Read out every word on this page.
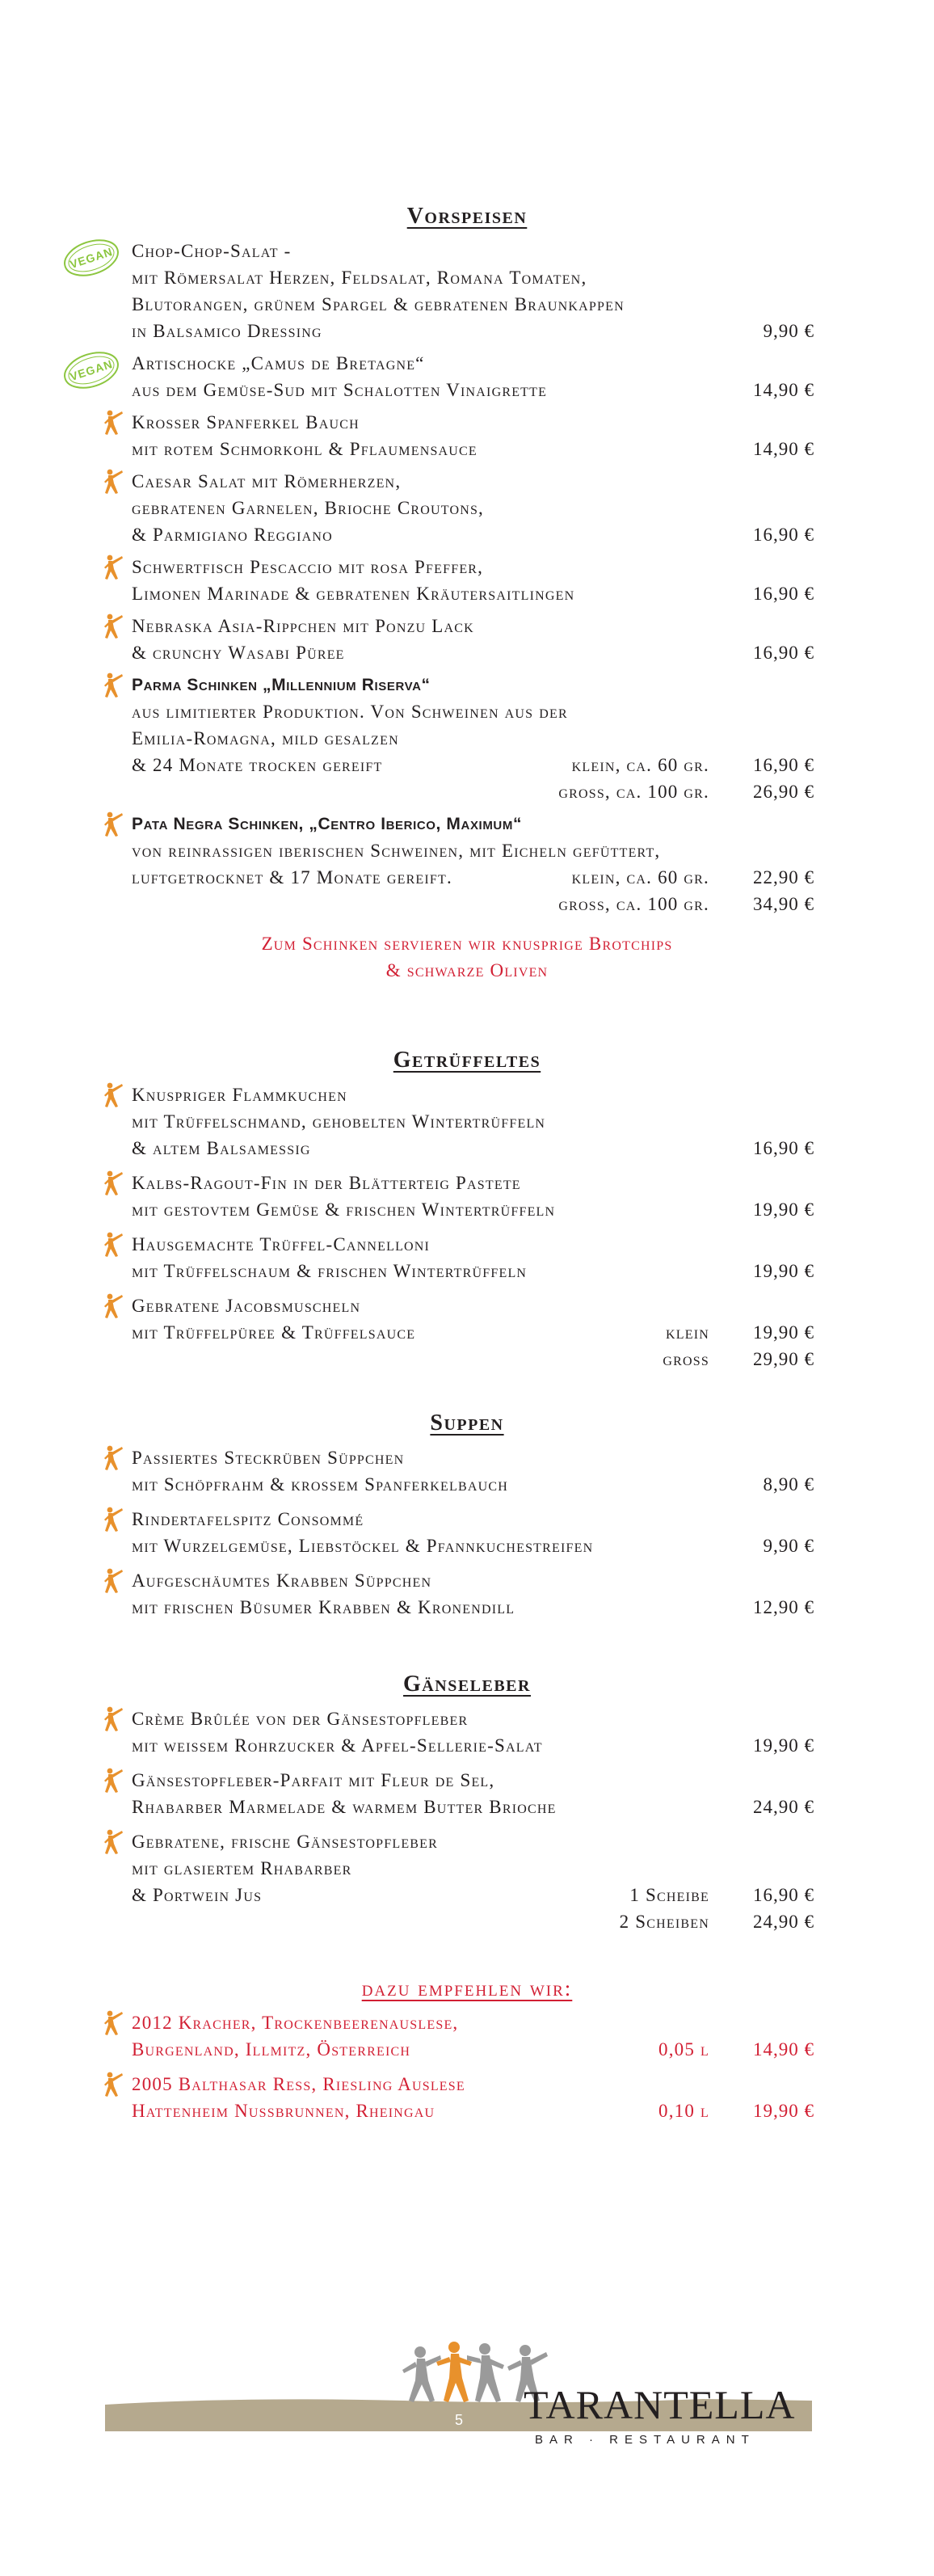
Vorspeisen
VEGAN Chop-Chop-Salat -
mit Römersalat Herzen, Feldsalat, Romana Tomaten,
Blutorangen, grünem Spargel & gebratenen Braunkappen
in Balsamico Dressing	9,90 €
VEGAN Artischocke „Camus de Bretagne“
aus dem Gemüse-Sud mit Schalotten Vinaigrette	14,90 €
Krosser Spanferkel Bauch
mit rotem Schmorkohl & Pflaumensauce	14,90 €
Caesar Salat mit Römerherzen,
gebratenen Garnelen, Brioche Croutons,
& Parmigiano Reggiano	16,90 €
Schwertfisch Pescaccio mit rosa Pfeffer,
Limonen Marinade & gebratenen Kräutersaitlingen	16,90 €
Nebraska Asia-Rippchen mit Ponzu Lack
& crunchy Wasabi Püree	16,90 €
Parma Schinken „Millennium Riserva“
aus limitierter Produktion. Von Schweinen aus der
Emilia-Romagna, mild gesalzen
& 24 Monate trocken gereift	klein, ca. 60 gr. 16,90 €
gross, ca. 100 gr. 26,90 €
Pata Negra Schinken, „Centro Iberico, Maximum“
von reinrassigen iberischen Schweinen, mit Eicheln gefüttert,
luftgetrocknet & 17 Monate gereift.	klein, ca. 60 gr. 22,90 €
gross, ca. 100 gr. 34,90 €
Zum Schinken servieren wir knusprige Brotchips
& schwarze Oliven
Getrüffeltes
Knuspriger Flammkuchen
mit Trüffelschmand, gehobelten Wintertrüffeln
& altem Balsamessig	16,90 €
Kalbs-Ragout-Fin in der Blätterteig Pastete
mit gestovtem Gemüse & frischen Wintertrüffeln	19,90 €
Hausgemachte Trüffel-Cannelloni
mit Trüffelschaum & frischen Wintertrüffeln	19,90 €
Gebratene Jacobsmuscheln
mit Trüffelpüree & Trüffelsauce	klein 19,90 €
gross 29,90 €
Suppen
Passiertes Steckrüben Süppchen
mit Schöpfrahm & krossem Spanferkelbauch	8,90 €
Rindertafelspitz Consommé
mit Wurzelgemüse, Liebstöckel & Pfannkuchestreifen	9,90 €
Aufgeschäumtes Krabben Süppchen
mit frischen Büsumer Krabben & Kronendill	12,90 €
Gänseleber
Crème Brûlée von der Gänsestopfleber
mit weissem Rohrzucker & Apfel-Sellerie-Salat	19,90 €
Gänsestopfleber-Parfait mit Fleur de Sel,
Rhabarber Marmelade & warmem Butter Brioche	24,90 €
Gebratene, frische Gänsestopfleber
mit glasiertem Rhabarber
& Portwein Jus	1 Scheibe 16,90 €
2 Scheiben 24,90 €
dazu empfehlen wir:
2012 Kracher, Trockenbeerenauslese,
Burgenland, Illmitz, Österreich	0,05 l 14,90 €
2005 Balthasar Ress, Riesling Auslese
Hattenheim Nussbrunnen, Rheingau	0,10 l 19,90 €
5 TARANTELLA
BAR · RESTAURANT
